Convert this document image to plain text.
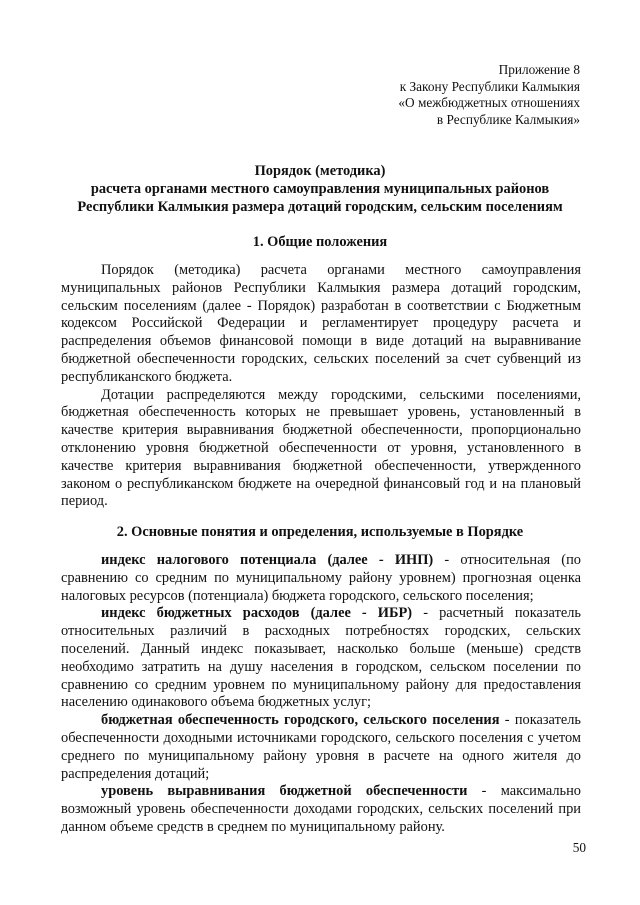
Приложение 8
к Закону Республики Калмыкия
«О межбюджетных отношениях
в Республике Калмыкия»
Порядок (методика)
расчета органами местного самоуправления муниципальных районов
Республики Калмыкия размера дотаций городским, сельским поселениям
1. Общие положения

Порядок (методика) расчета органами местного самоуправления муниципальных районов Республики Калмыкия размера дотаций городским, сельским поселениям (далее - Порядок) разработан в соответствии с Бюджетным кодексом Российской Федерации и регламентирует процедуру расчета и распределения объемов финансовой помощи в виде дотаций на выравнивание бюджетной обеспеченности городских, сельских поселений за счет субвенций из республиканского бюджета.

Дотации распределяются между городскими, сельскими поселениями, бюджетная обеспеченность которых не превышает уровень, установленный в качестве критерия выравнивания бюджетной обеспеченности, пропорционально отклонению уровня бюджетной обеспеченности от уровня, установленного в качестве критерия выравнивания бюджетной обеспеченности, утвержденного законом о республиканском бюджете на очередной финансовый год и на плановый период.

2. Основные понятия и определения, используемые в Порядке

индекс налогового потенциала (далее - ИНП) - относительная (по сравнению со средним по муниципальному району уровнем) прогнозная оценка налоговых ресурсов (потенциала) бюджета городского, сельского поселения;

индекс бюджетных расходов (далее - ИБР) - расчетный показатель относительных различий в расходных потребностях городских, сельских поселений. Данный индекс показывает, насколько больше (меньше) средств необходимо затратить на душу населения в городском, сельском поселении по сравнению со средним уровнем по муниципальному району для предоставления населению одинакового объема бюджетных услуг;

бюджетная обеспеченность городского, сельского поселения - показатель обеспеченности доходными источниками городского, сельского поселения с учетом среднего по муниципальному району уровня в расчете на одного жителя до распределения дотаций;

уровень выравнивания бюджетной обеспеченности - максимально возможный уровень обеспеченности доходами городских, сельских поселений при данном объеме средств в среднем по муниципальному району.

50
